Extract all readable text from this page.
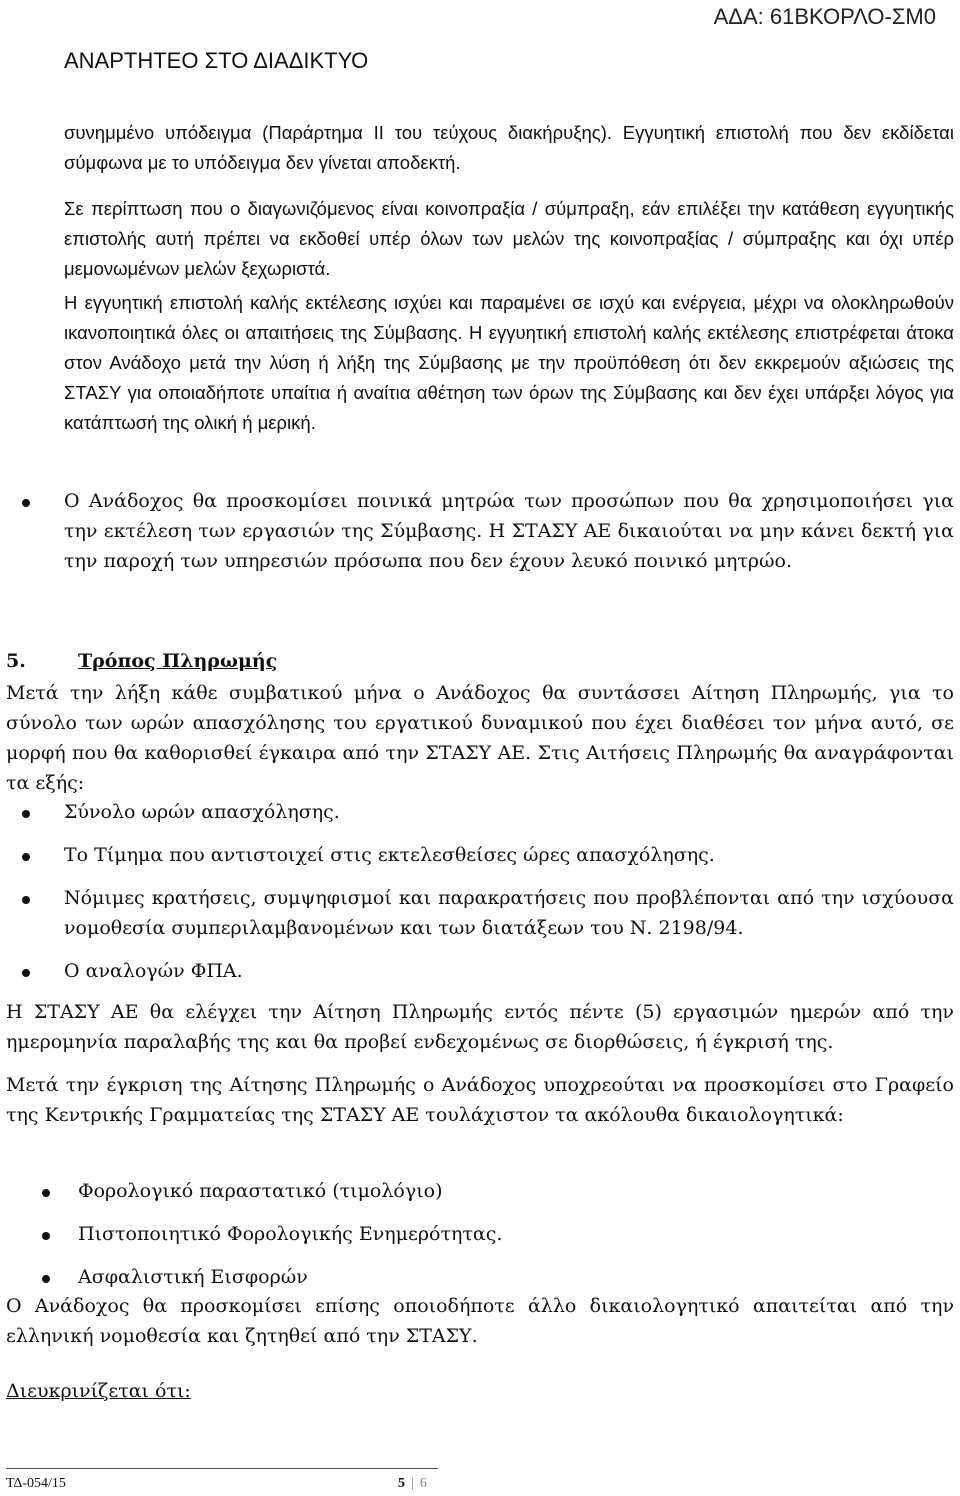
ΑΔΑ: 61ΒΚΟΡΛΟ-ΣΜ0
ΑΝΑΡΤΗΤΕΟ ΣΤΟ ΔΙΑΔΙΚΤΥΟ
συνημμένο υπόδειγμα (Παράρτημα ΙΙ του τεύχους διακήρυξης). Εγγυητική επιστολή που δεν εκδίδεται σύμφωνα με το υπόδειγμα δεν γίνεται αποδεκτή.
Σε περίπτωση που ο διαγωνιζόμενος είναι κοινοπραξία / σύμπραξη, εάν επιλέξει την κατάθεση εγγυητικής επιστολής αυτή πρέπει να εκδοθεί υπέρ όλων των μελών της κοινοπραξίας / σύμπραξης και όχι υπέρ μεμονωμένων μελών ξεχωριστά.
Η εγγυητική επιστολή καλής εκτέλεσης ισχύει και παραμένει σε ισχύ και ενέργεια, μέχρι να ολοκληρωθούν ικανοποιητικά όλες οι απαιτήσεις της Σύμβασης. Η εγγυητική επιστολή καλής εκτέλεσης επιστρέφεται άτοκα στον Ανάδοχο μετά την λύση ή λήξη της Σύμβασης με την προϋπόθεση ότι δεν εκκρεμούν αξιώσεις της ΣΤΑΣΥ για οποιαδήποτε υπαίτια ή αναίτια αθέτηση των όρων της Σύμβασης και δεν έχει υπάρξει λόγος για κατάπτωσή της ολική ή μερική.
Ο Ανάδοχος θα προσκομίσει ποινικά μητρώα των προσώπων που θα χρησιμοποιήσει για την εκτέλεση των εργασιών της Σύμβασης. Η ΣΤΑΣΥ ΑΕ δικαιούται να μην κάνει δεκτή για την παροχή των υπηρεσιών πρόσωπα που δεν έχουν λευκό ποινικό μητρώο.
5.	Τρόπος Πληρωμής
Μετά την λήξη κάθε συμβατικού μήνα ο Ανάδοχος θα συντάσσει Αίτηση Πληρωμής, για το σύνολο των ωρών απασχόλησης του εργατικού δυναμικού που έχει διαθέσει τον μήνα αυτό, σε μορφή που θα καθορισθεί έγκαιρα από την ΣΤΑΣΥ ΑΕ. Στις Αιτήσεις Πληρωμής θα αναγράφονται τα εξής:
Σύνολο ωρών απασχόλησης.
Το Τίμημα που αντιστοιχεί στις εκτελεσθείσες ώρες απασχόλησης.
Νόμιμες κρατήσεις, συμψηφισμοί και παρακρατήσεις που προβλέπονται από την ισχύουσα νομοθεσία συμπεριλαμβανομένων και των διατάξεων του Ν. 2198/94.
Ο αναλογών ΦΠΑ.
Η ΣΤΑΣΥ ΑΕ θα ελέγχει την Αίτηση Πληρωμής εντός πέντε (5) εργασιμών ημερών από την ημερομηνία παραλαβής της και θα προβεί ενδεχομένως σε διορθώσεις, ή έγκρισή της.
Μετά την έγκριση της Αίτησης Πληρωμής ο Ανάδοχος υποχρεούται να προσκομίσει στο Γραφείο της Κεντρικής Γραμματείας της ΣΤΑΣΥ ΑΕ τουλάχιστον τα ακόλουθα δικαιολογητικά:
Φορολογικό παραστατικό (τιμολόγιο)
Πιστοποιητικό Φορολογικής Ενημερότητας.
Ασφαλιστική Εισφορών
Ο Ανάδοχος θα προσκομίσει επίσης οποιοδήποτε άλλο δικαιολογητικό απαιτείται από την ελληνική νομοθεσία και ζητηθεί από την ΣΤΑΣΥ.
Διευκρινίζεται ότι:
ΤΔ-054/15	5 | 6
